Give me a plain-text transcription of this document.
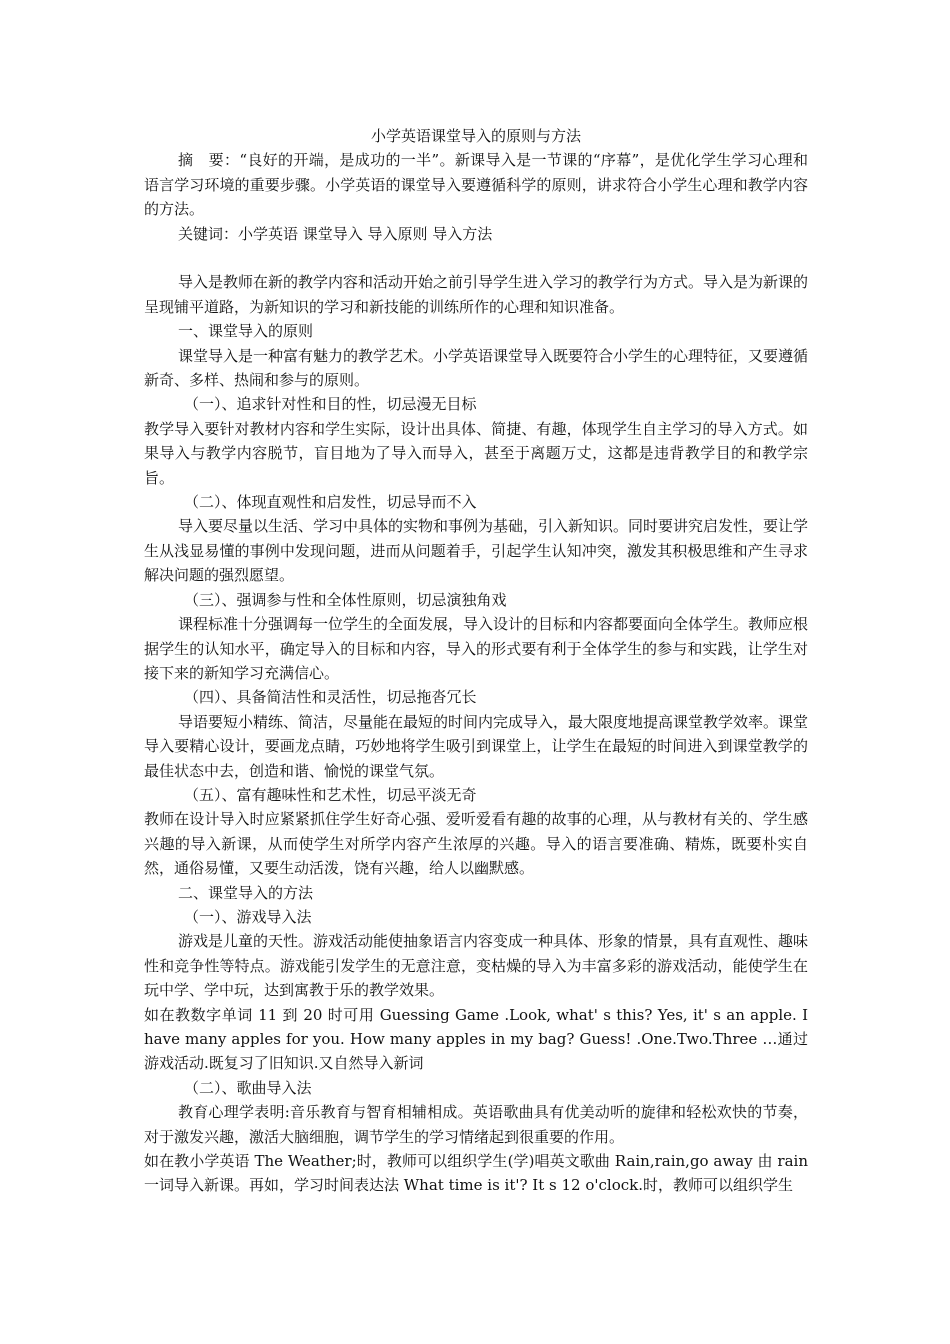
小学英语课堂导入的原则与方法

摘　要：“良好的开端，是成功的一半”。新课导入是一节课的“序幕”，是优化学生学习心理和语言学习环境的重要步骤。小学英语的课堂导入要遵循科学的原则，讲求符合小学生心理和教学内容的方法。

关键词：小学英语 课堂导入 导入原则 导入方法

导入是教师在新的教学内容和活动开始之前引导学生进入学习的教学行为方式。导入是为新课的呈现铺平道路，为新知识的学习和新技能的训练所作的心理和知识准备。

一、课堂导入的原则

课堂导入是一种富有魅力的教学艺术。小学英语课堂导入既要符合小学生的心理特征，又要遵循新奇、多样、热闹和参与的原则。

（一）、追求针对性和目的性，切忌漫无目标

教学导入要针对教材内容和学生实际，设计出具体、简捷、有趣，体现学生自主学习的导入方式。如果导入与教学内容脱节，盲目地为了导入而导入，甚至于离题万丈，这都是违背教学目的和教学宗旨。

（二）、体现直观性和启发性，切忌导而不入

导入要尽量以生活、学习中具体的实物和事例为基础，引入新知识。同时要讲究启发性，要让学生从浅显易懂的事例中发现问题，进而从问题着手，引起学生认知冲突，激发其积极思维和产生寻求解决问题的强烈愿望。

（三）、强调参与性和全体性原则，切忌演独角戏

课程标准十分强调每一位学生的全面发展，导入设计的目标和内容都要面向全体学生。教师应根据学生的认知水平，确定导入的目标和内容，导入的形式要有利于全体学生的参与和实践，让学生对接下来的新知学习充满信心。

（四）、具备简洁性和灵活性，切忌拖沓冗长

导语要短小精练、简洁，尽量能在最短的时间内完成导入，最大限度地提高课堂教学效率。课堂导入要精心设计，要画龙点睛，巧妙地将学生吸引到课堂上，让学生在最短的时间进入到课堂教学的最佳状态中去，创造和谐、愉悦的课堂气氛。

（五）、富有趣味性和艺术性，切忌平淡无奇

教师在设计导入时应紧紧抓住学生好奇心强、爱听爱看有趣的故事的心理，从与教材有关的、学生感兴趣的导入新课，从而使学生对所学内容产生浓厚的兴趣。导入的语言要准确、精炼，既要朴实自然，通俗易懂，又要生动活泼，饶有兴趣，给人以幽默感。

二、课堂导入的方法

（一）、游戏导入法

游戏是儿童的天性。游戏活动能使抽象语言内容变成一种具体、形象的情景，具有直观性、趣味性和竞争性等特点。游戏能引发学生的无意注意，变枯燥的导入为丰富多彩的游戏活动，能使学生在玩中学、学中玩，达到寓教于乐的教学效果。

如在教数字单词 11 到 20 时可用 Guessing Game .Look, what' s this? Yes, it' s an apple. I have many apples for you. How many apples in my bag? Guess! .One.Two.Three …通过游戏活动.既复习了旧知识.又自然导入新词

（二）、歌曲导入法

教育心理学表明:音乐教育与智育相辅相成。英语歌曲具有优美动听的旋律和轻松欢快的节奏，对于激发兴趣，激活大脑细胞，调节学生的学习情绪起到很重要的作用。

如在教小学英语 The Weather;时，教师可以组织学生(学)唱英文歌曲 Rain,rain,go away 由 rain 一词导入新课。再如，学习时间表达法 What time is it'? It s 12 o'clock.时，教师可以组织学生
